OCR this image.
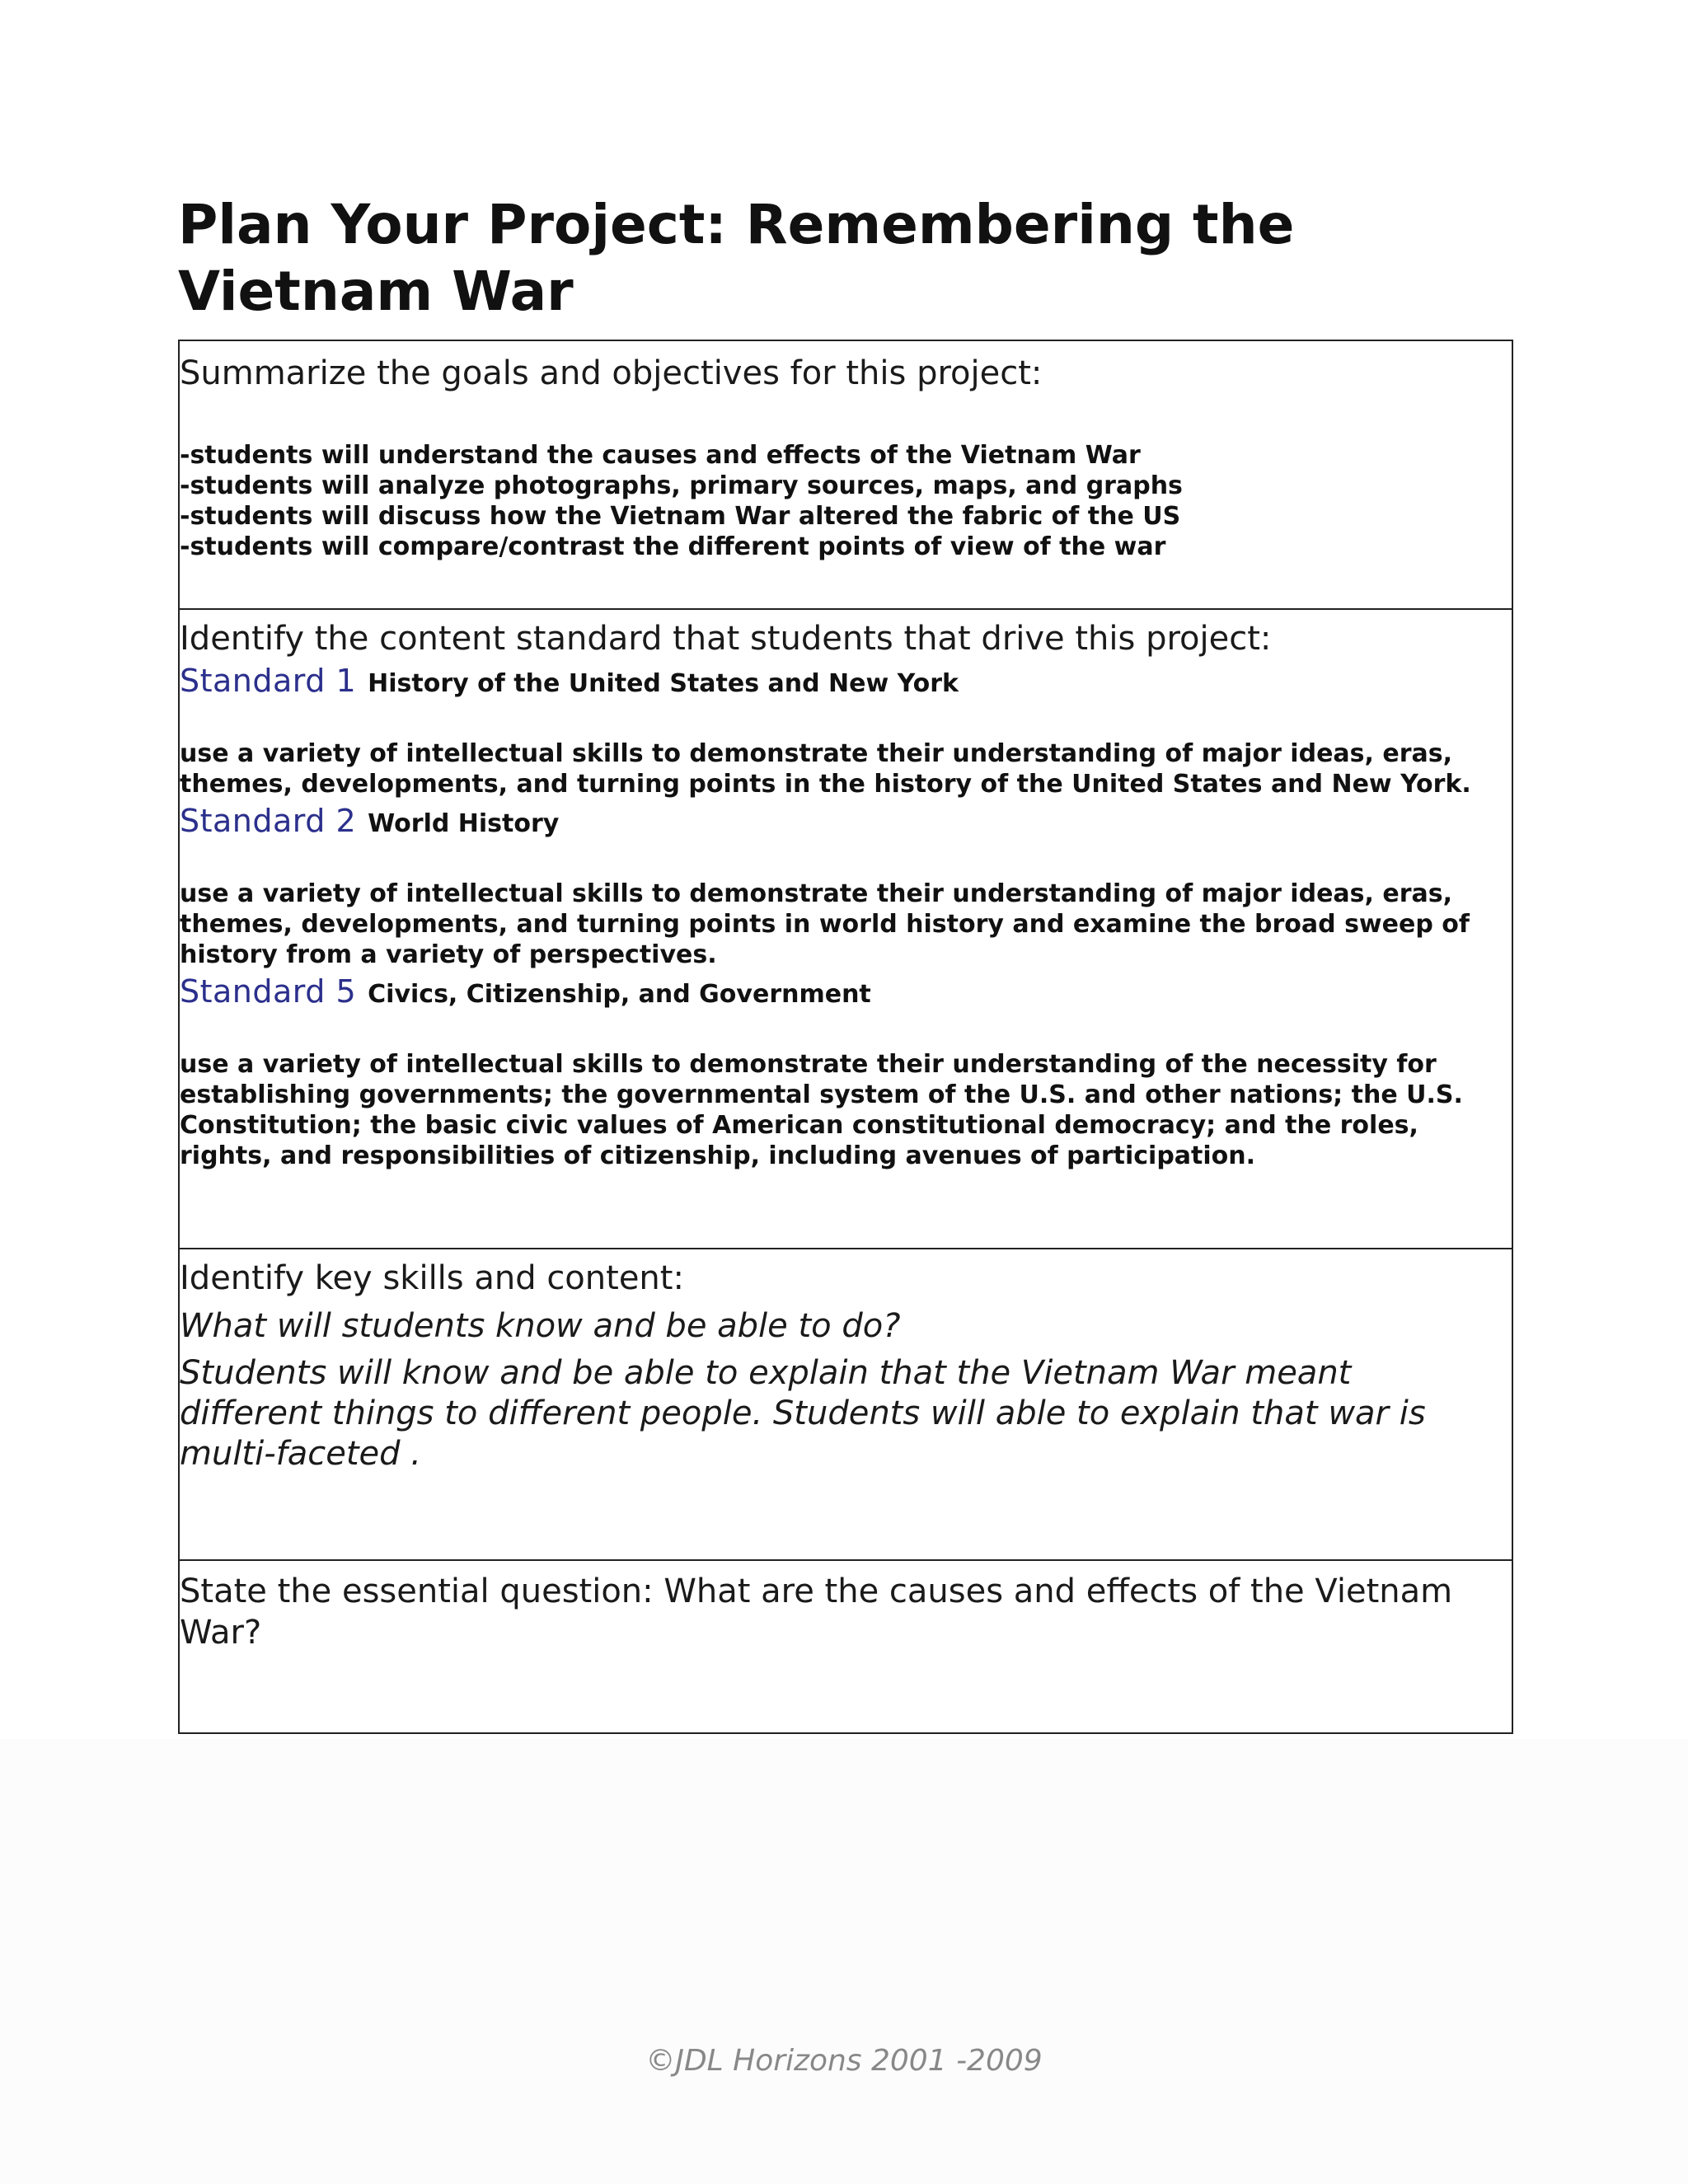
Plan Your Project: Remembering the Vietnam War

Summarize the goals and objectives for this project:

-students will understand the causes and effects of the Vietnam War
-students will analyze photographs, primary sources, maps, and graphs
-students will discuss how the Vietnam War altered the fabric of the US
-students will compare/contrast the different points of view of the war

Identify the content standard that students that drive this project:

Standard 1 History of the United States and New York

use a variety of intellectual skills to demonstrate their understanding of major ideas, eras, themes, developments, and turning points in the history of the United States and New York.

Standard 2 World History

use a variety of intellectual skills to demonstrate their understanding of major ideas, eras, themes, developments, and turning points in world history and examine the broad sweep of history from a variety of perspectives.

Standard 5 Civics, Citizenship, and Government

use a variety of intellectual skills to demonstrate their understanding of the necessity for establishing governments; the governmental system of the U.S. and other nations; the U.S. Constitution; the basic civic values of American constitutional democracy; and the roles, rights, and responsibilities of citizenship, including avenues of participation.

Identify key skills and content:

What will students know and be able to do?

Students will know and be able to explain that the Vietnam War meant different things to different people. Students will able to explain that war is multi-faceted .

State the essential question: What are the causes and effects of the Vietnam War?

©JDL Horizons 2001 -2009
